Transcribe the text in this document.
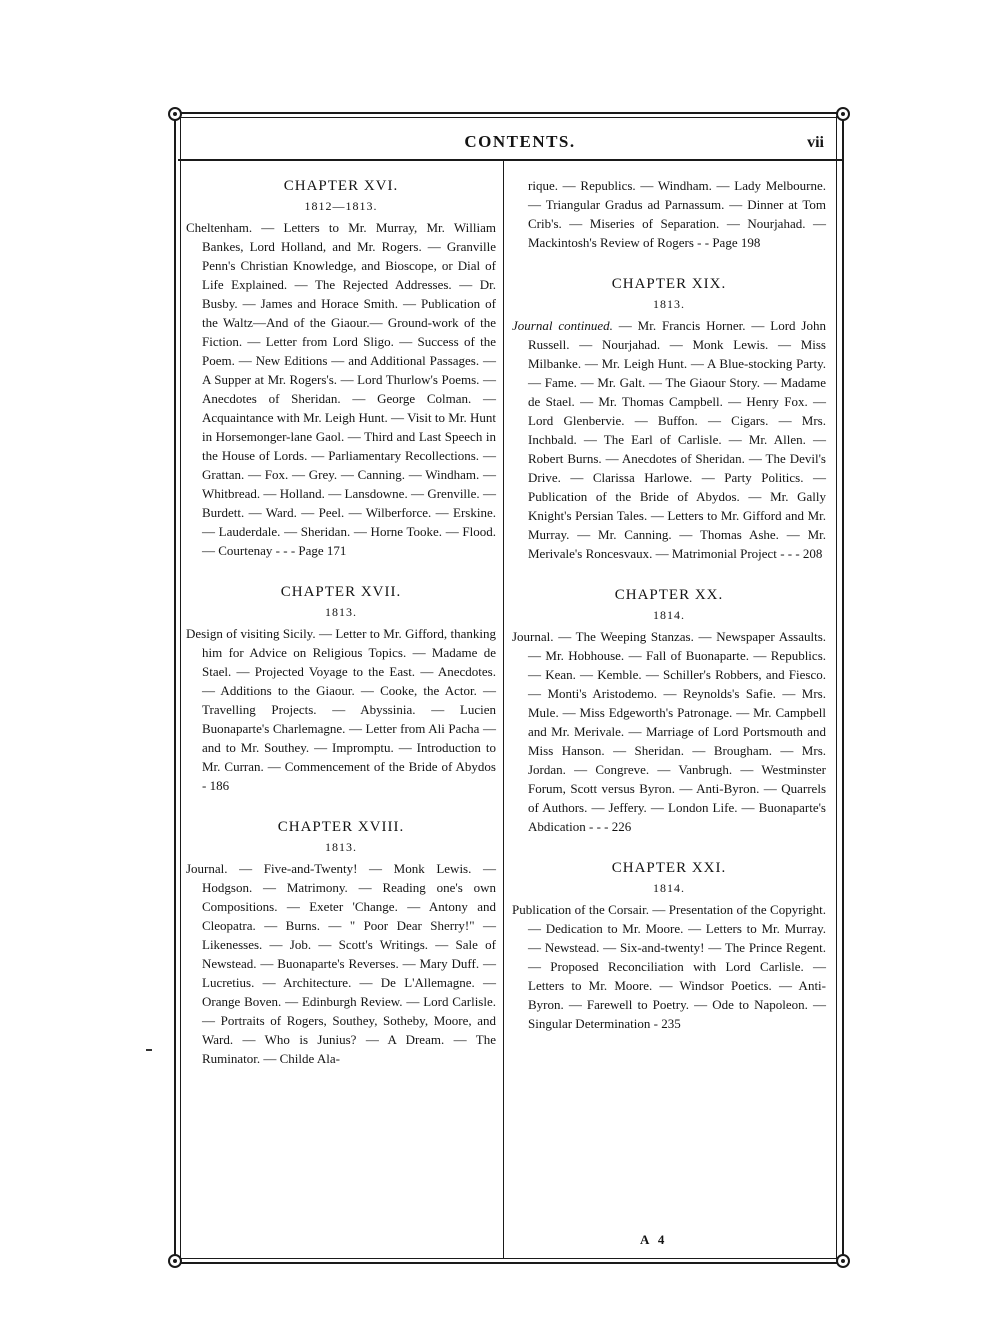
CONTENTS.	vii

CHAPTER XVI.

1812—1813.

Cheltenham. — Letters to Mr. Murray, Mr. William Bankes, Lord Holland, and Mr. Rogers. — Granville Penn's Christian Knowledge, and Bioscope, or Dial of Life Explained. — The Rejected Addresses. — Dr. Busby. — James and Horace Smith. — Publication of the Waltz—And of the Giaour.— Ground-work of the Fiction. — Letter from Lord Sligo. — Success of the Poem. — New Editions — and Additional Passages. — A Supper at Mr. Rogers's. — Lord Thurlow's Poems. — Anecdotes of Sheridan. — George Colman. — Acquaintance with Mr. Leigh Hunt. — Visit to Mr. Hunt in Horsemonger-lane Gaol. — Third and Last Speech in the House of Lords. — Parliamentary Recollections. — Grattan. — Fox. — Grey. — Canning. — Windham. — Whitbread. — Holland. — Lansdowne. — Grenville. — Burdett. — Ward. — Peel. — Wilberforce. — Erskine. — Lauderdale. — Sheridan. — Horne Tooke. — Flood. — Courtenay - - - Page 171

CHAPTER XVII.

1813.

Design of visiting Sicily. — Letter to Mr. Gifford, thanking him for Advice on Religious Topics. — Madame de Stael. — Projected Voyage to the East. — Anecdotes. — Additions to the Giaour. — Cooke, the Actor. — Travelling Projects. — Abyssinia. — Lucien Buonaparte's Charlemagne. — Letter from Ali Pacha — and to Mr. Southey. — Impromptu. — Introduction to Mr. Curran. — Commencement of the Bride of Abydos - 186

CHAPTER XVIII.

1813.

Journal. — Five-and-Twenty! — Monk Lewis. — Hodgson. — Matrimony. — Reading one's own Compositions. — Exeter 'Change. — Antony and Cleopatra. — Burns. — " Poor Dear Sherry!" — Likenesses. — Job. — Scott's Writings. — Sale of Newstead. — Buonaparte's Reverses. — Mary Duff. — Lucretius. — Architecture. — De L'Allemagne. — Orange Boven. — Edinburgh Review. — Lord Carlisle. — Portraits of Rogers, Southey, Sotheby, Moore, and Ward. — Who is Junius? — A Dream. — The Ruminator. — Childe Ala-

rique. — Republics. — Windham. — Lady Melbourne. — Triangular Gradus ad Parnassum. — Dinner at Tom Crib's. — Miseries of Separation. — Nourjahad. — Mackintosh's Review of Rogers - - Page 198

CHAPTER XIX.

1813.

Journal continued. — Mr. Francis Horner. — Lord John Russell. — Nourjahad. — Monk Lewis. — Miss Milbanke. — Mr. Leigh Hunt. — A Blue-stocking Party. — Fame. — Mr. Galt. — The Giaour Story. — Madame de Stael. — Mr. Thomas Campbell. — Henry Fox. — Lord Glenbervie. — Buffon. — Cigars. — Mrs. Inchbald. — The Earl of Carlisle. — Mr. Allen. — Robert Burns. — Anecdotes of Sheridan. — The Devil's Drive. — Clarissa Harlowe. — Party Politics. — Publication of the Bride of Abydos. — Mr. Gally Knight's Persian Tales. — Letters to Mr. Gifford and Mr. Murray. — Mr. Canning. — Thomas Ashe. — Mr. Merivale's Roncesvaux. — Matrimonial Project - - - 208

CHAPTER XX.

1814.

Journal. — The Weeping Stanzas. — Newspaper Assaults. — Mr. Hobhouse. — Fall of Buonaparte. — Republics. — Kean. — Kemble. — Schiller's Robbers, and Fiesco. — Monti's Aristodemo. — Reynolds's Safie. — Mrs. Mule. — Miss Edgeworth's Patronage. — Mr. Campbell and Mr. Merivale. — Marriage of Lord Portsmouth and Miss Hanson. — Sheridan. — Brougham. — Mrs. Jordan. — Congreve. — Vanbrugh. — Westminster Forum, Scott versus Byron. — Anti-Byron. — Quarrels of Authors. — Jeffery. — London Life. — Buonaparte's Abdication - - - 226

CHAPTER XXI.

1814.

Publication of the Corsair. — Presentation of the Copyright. — Dedication to Mr. Moore. — Letters to Mr. Murray. — Newstead. — Six-and-twenty! — The Prince Regent. — Proposed Reconciliation with Lord Carlisle. — Letters to Mr. Moore. — Windsor Poetics. — Anti-Byron. — Farewell to Poetry. — Ode to Napoleon. — Singular Determination - 235

A 4
